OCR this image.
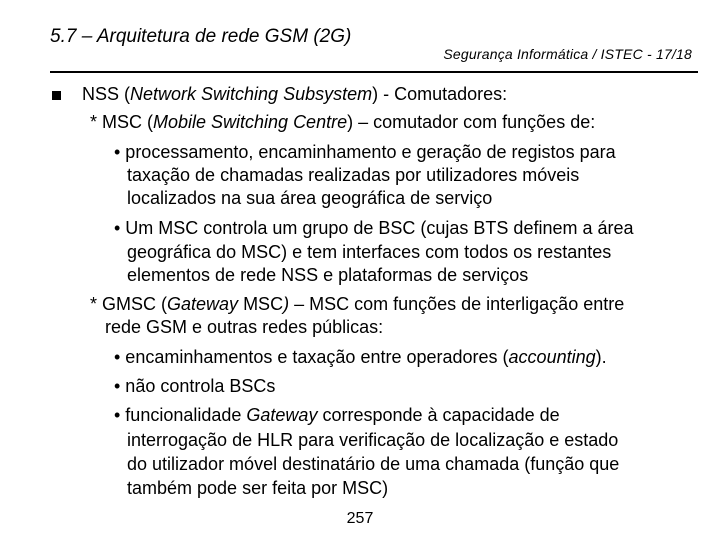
5.7 – Arquitetura de rede GSM (2G)
Segurança Informática / ISTEC - 17/18
NSS (Network Switching Subsystem) - Comutadores:
* MSC (Mobile Switching Centre) – comutador com funções de:
• processamento, encaminhamento e geração de registos para
taxação de chamadas realizadas por utilizadores móveis
localizados na sua área geográfica de serviço
• Um MSC controla um grupo de BSC (cujas BTS definem a área
geográfica do MSC) e tem interfaces com todos os restantes
elementos de rede NSS e plataformas de serviços
* GMSC (Gateway MSC) – MSC com funções de interligação entre
rede GSM e outras redes públicas:
• encaminhamentos e taxação entre operadores (accounting).
• não controla BSCs
• funcionalidade Gateway corresponde à capacidade de
interrogação de HLR para verificação de localização e estado
do utilizador móvel destinatário de uma chamada (função que
também pode ser feita por MSC)
257
